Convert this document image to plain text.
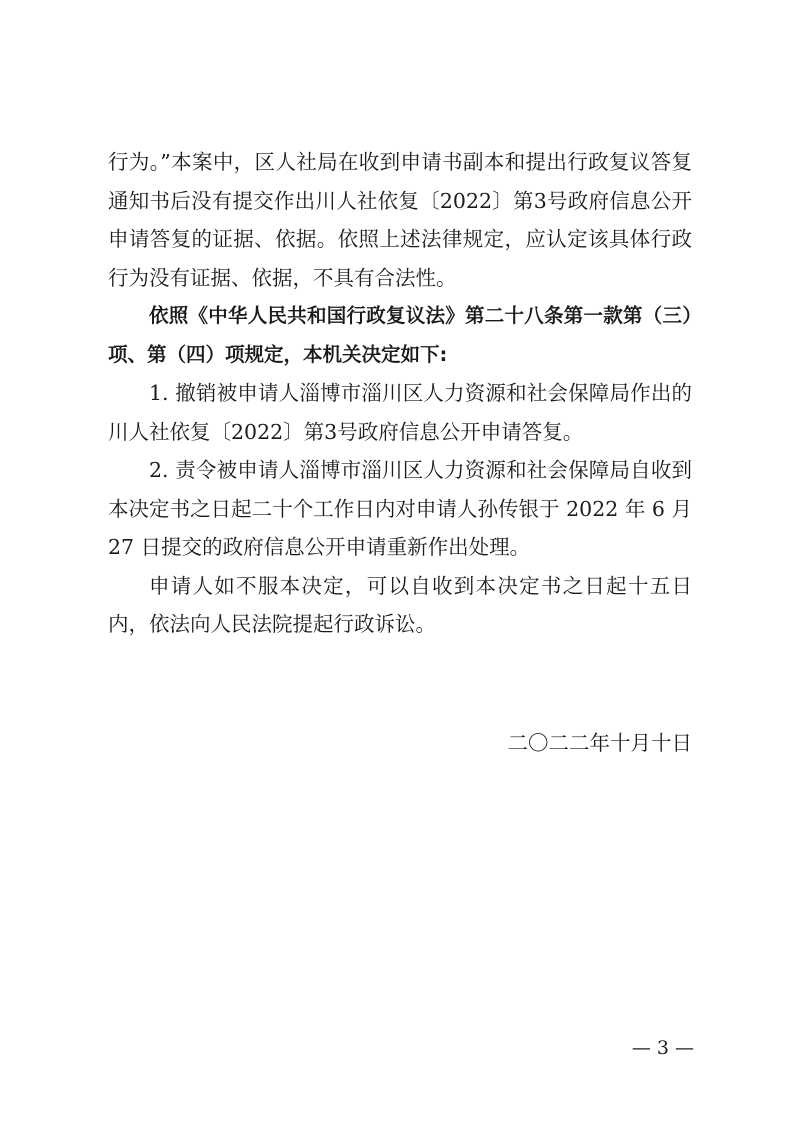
行为。”本案中，区人社局在收到申请书副本和提出行政复议答复通知书后没有提交作出川人社依复〔2022〕第3号政府信息公开申请答复的证据、依据。依照上述法律规定，应认定该具体行政行为没有证据、依据，不具有合法性。

依照《中华人民共和国行政复议法》第二十八条第一款第（三）项、第（四）项规定，本机关决定如下:

1. 撤销被申请人淄博市淄川区人力资源和社会保障局作出的川人社依复〔2022〕第3号政府信息公开申请答复。

2. 责令被申请人淄博市淄川区人力资源和社会保障局自收到本决定书之日起二十个工作日内对申请人孙传银于 2022 年 6 月 27 日提交的政府信息公开申请重新作出处理。

申请人如不服本决定，可以自收到本决定书之日起十五日内，依法向人民法院提起行政诉讼。

二〇二二年十月十日
— 3 —
